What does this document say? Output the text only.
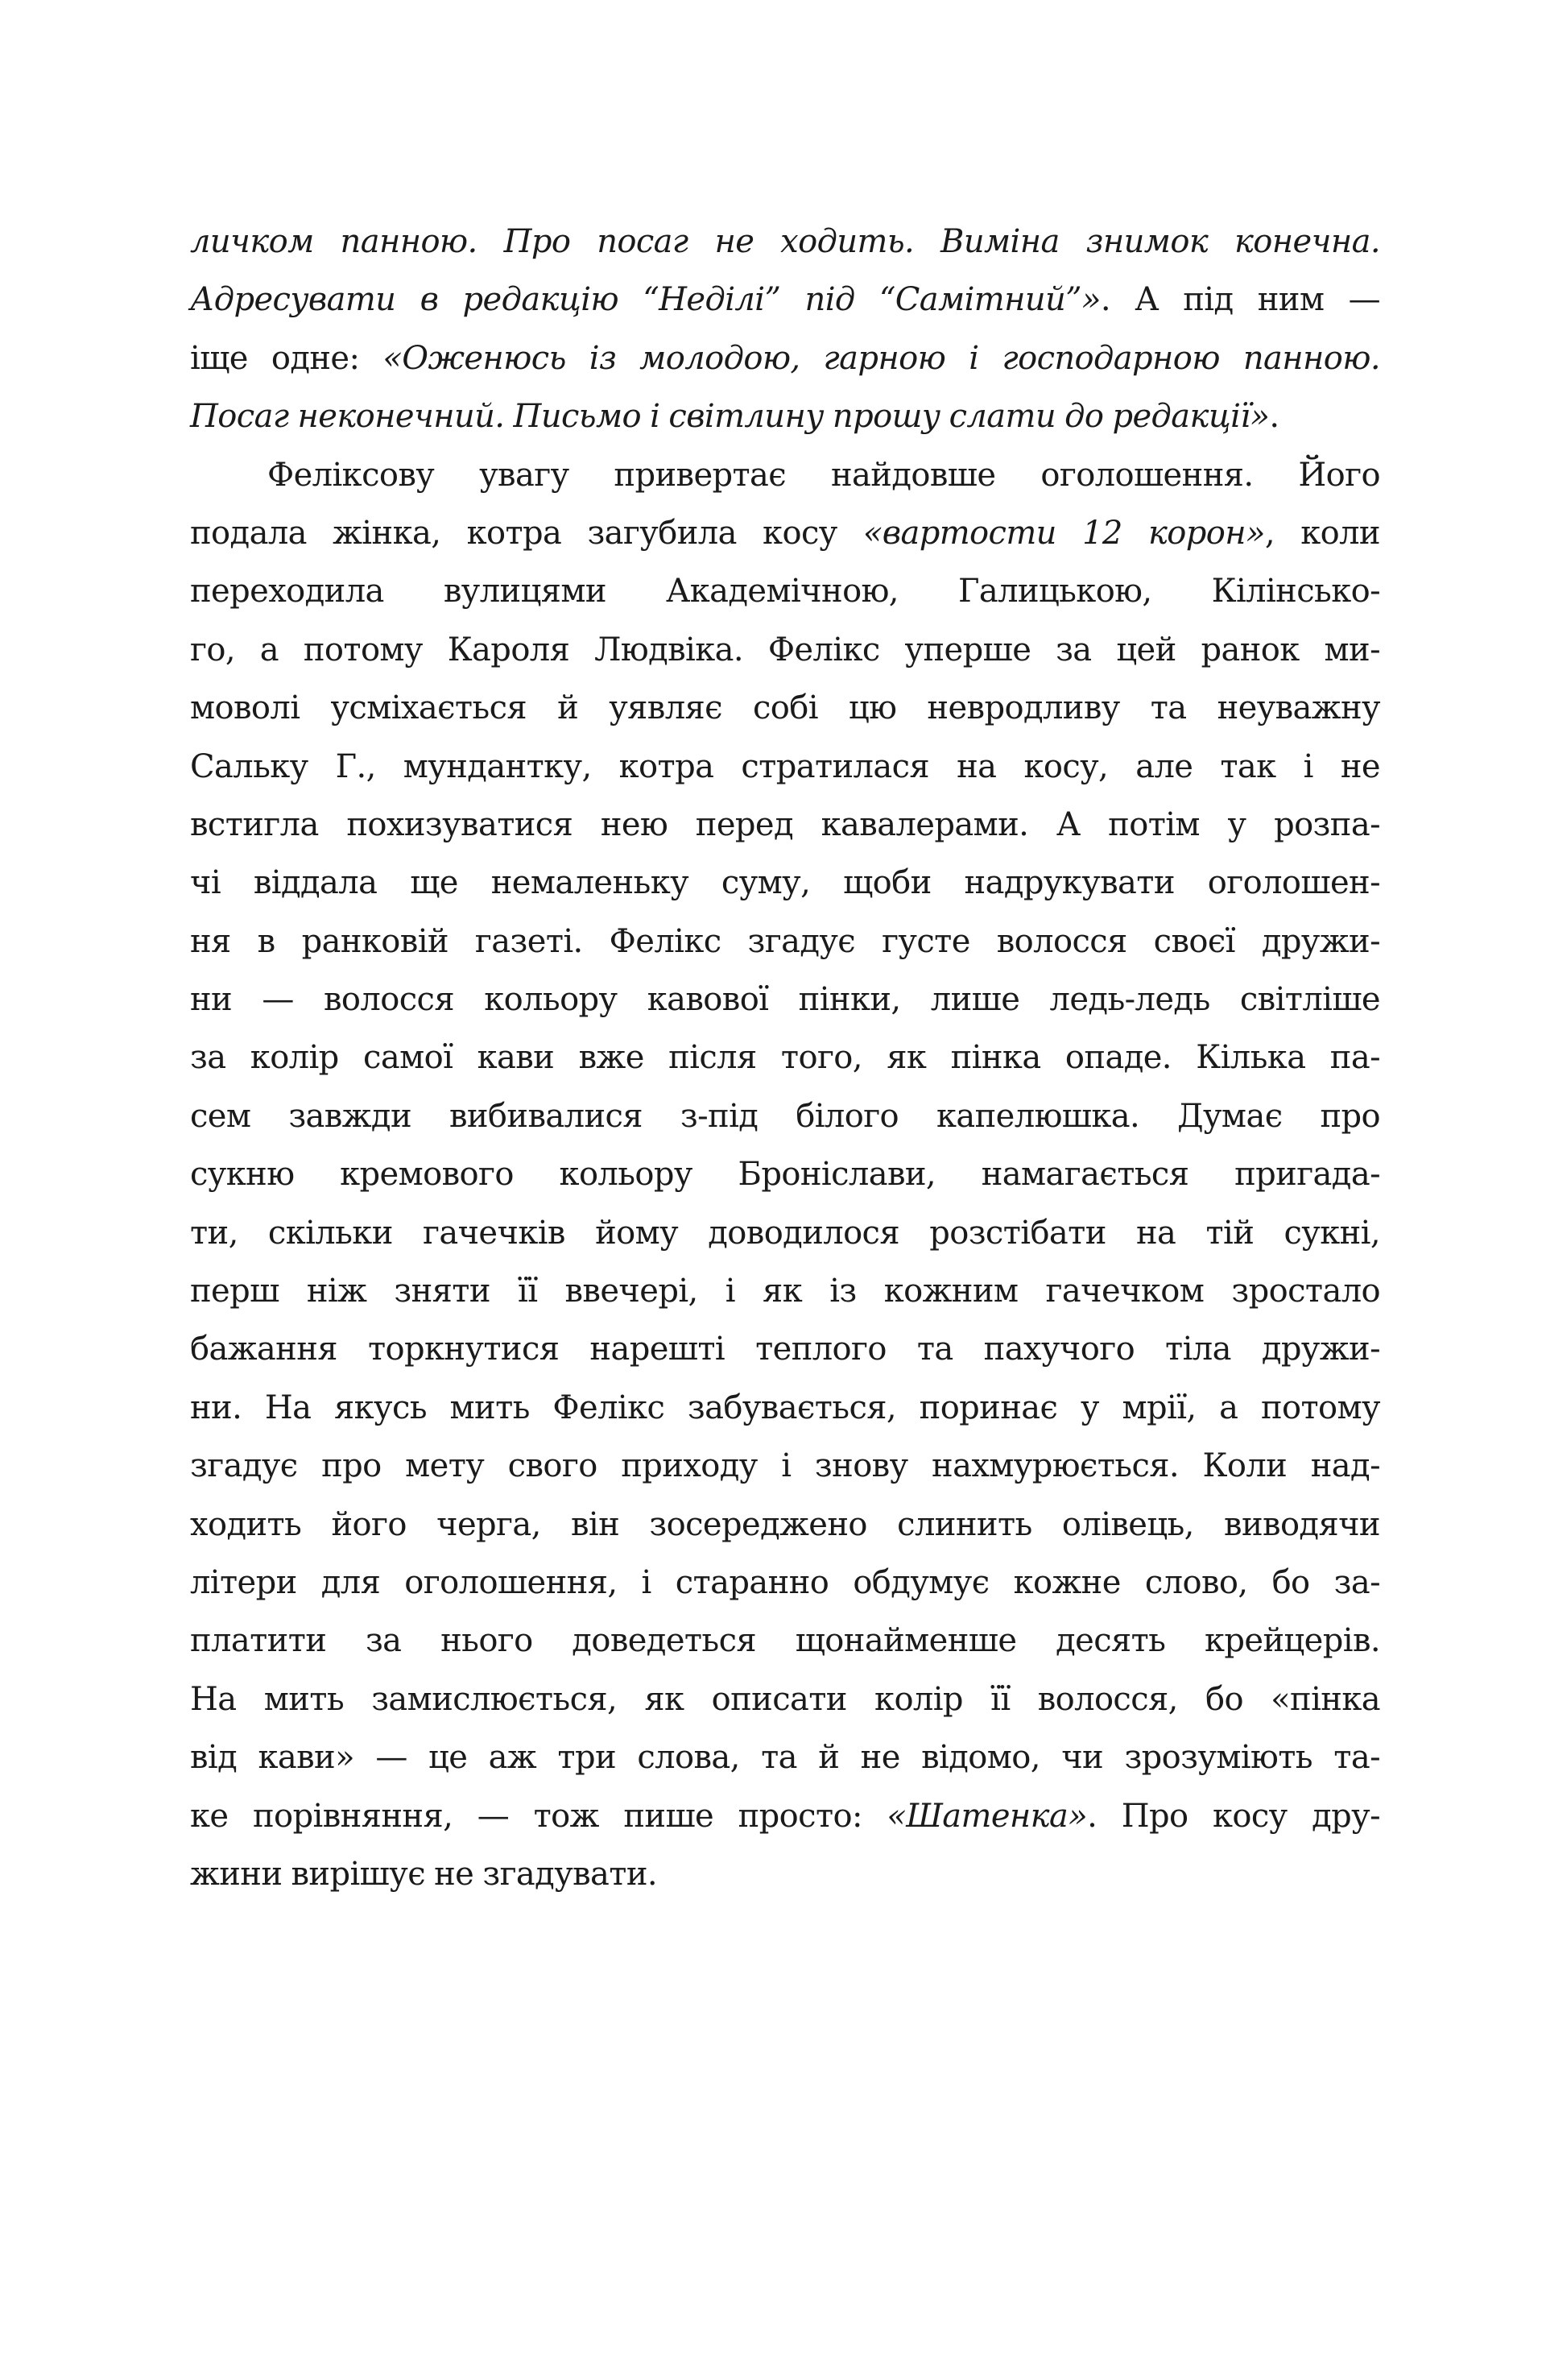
личком панною. Про посаг не ходить. Виміна знимок конечна.
Адресувати в редакцію “Неділі” під “Самітний”». А під ним —
іще одне: «Оженюсь із молодою, гарною і господарною панною.
Посаг неконечний. Письмо і світлину прошу слати до редакції».
Феліксову увагу привертає найдовше оголошення. Його
подала жінка, котра загубила косу «вартости 12 корон», коли
переходила вулицями Академічною, Галицькою, Кілінсько-
го, а потому Кароля Людвіка. Фелікс уперше за цей ранок ми-
моволі усміхається й уявляє собі цю невродливу та неуважну
Сальку Г., мундантку, котра стратилася на косу, але так і не
встигла похизуватися нею перед кавалерами. А потім у розпа-
чі віддала ще немаленьку суму, щоби надрукувати оголошен-
ня в ранковій газеті. Фелікс згадує густе волосся своєї дружи-
ни — волосся кольору кавової пінки, лише ледь-ледь світліше
за колір самої кави вже після того, як пінка опаде. Кілька па-
сем завжди вибивалися з-під білого капелюшка. Думає про
сукню кремового кольору Броніслави, намагається пригада-
ти, скільки гачечків йому доводилося розстібати на тій сукні,
перш ніж зняти її ввечері, і як із кожним гачечком зростало
бажання торкнутися нарешті теплого та пахучого тіла дружи-
ни. На якусь мить Фелікс забувається, поринає у мрії, а потому
згадує про мету свого приходу і знову нахмурюється. Коли над-
ходить його черга, він зосереджено слинить олівець, виводячи
літери для оголошення, і старанно обдумує кожне слово, бо за-
платити за нього доведеться щонайменше десять крейцерів.
На мить замислюється, як описати колір її волосся, бо «пінка
від кави» — це аж три слова, та й не відомо, чи зрозуміють та-
ке порівняння, — тож пише просто: «Шатенка». Про косу дру-
жини вирішує не згадувати.
